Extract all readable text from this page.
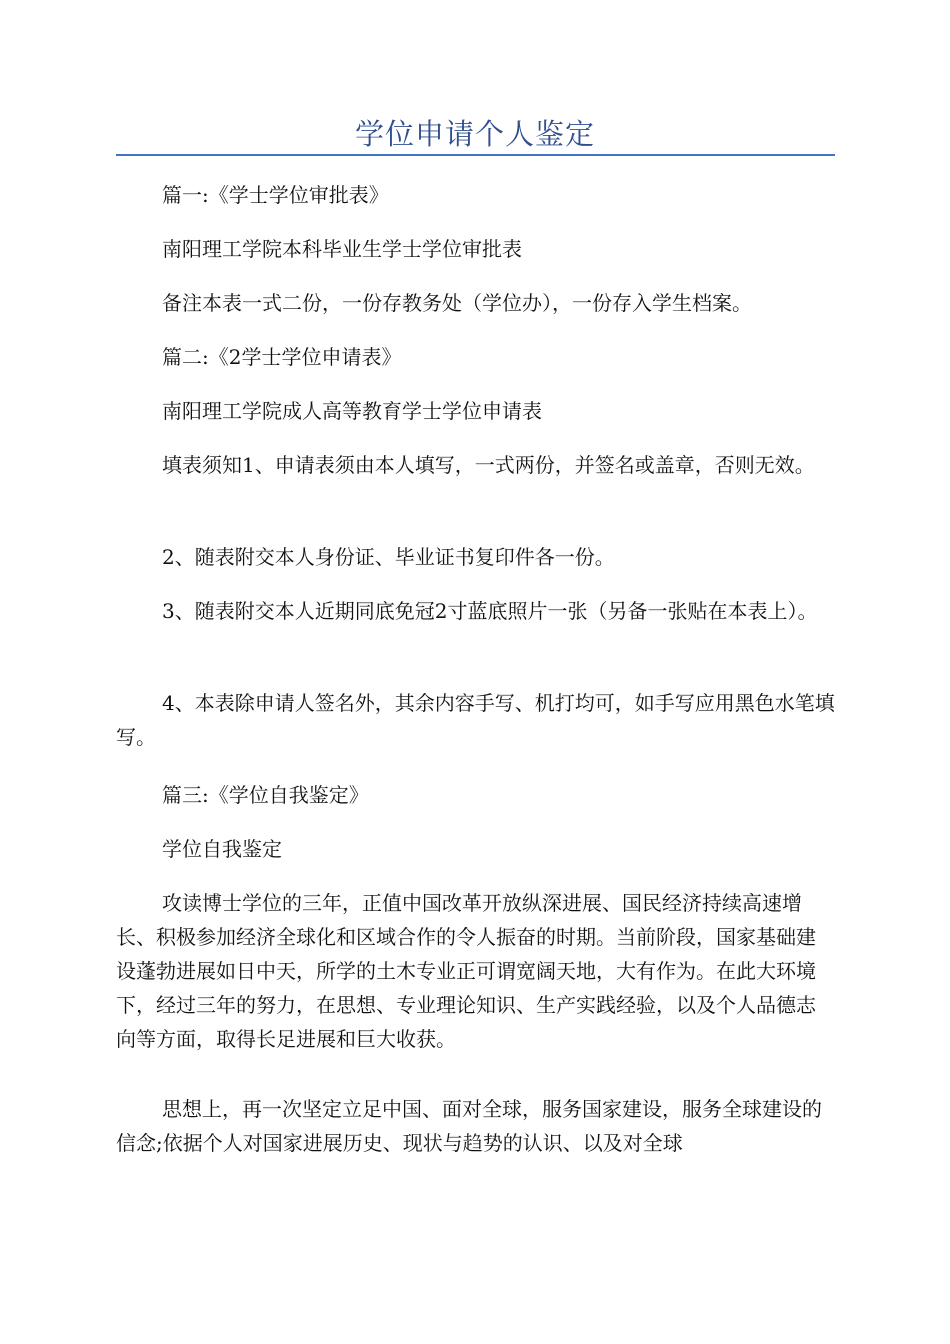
学位申请个人鉴定

篇一:《学士学位审批表》

南阳理工学院本科毕业生学士学位审批表

备注本表一式二份，一份存教务处（学位办），一份存入学生档案。

篇二:《2学士学位申请表》

南阳理工学院成人高等教育学士学位申请表

填表须知1、申请表须由本人填写，一式两份，并签名或盖章，否则无效。

2、随表附交本人身份证、毕业证书复印件各一份。

3、随表附交本人近期同底免冠2寸蓝底照片一张（另备一张贴在本表上）。

4、本表除申请人签名外，其余内容手写、机打均可，如手写应用黑色水笔填写。

篇三:《学位自我鉴定》

学位自我鉴定

攻读博士学位的三年，正值中国改革开放纵深进展、国民经济持续高速增长、积极参加经济全球化和区域合作的令人振奋的时期。当前阶段，国家基础建设蓬勃进展如日中天，所学的土木专业正可谓宽阔天地，大有作为。在此大环境下，经过三年的努力，在思想、专业理论知识、生产实践经验，以及个人品德志向等方面，取得长足进展和巨大收获。

思想上，再一次坚定立足中国、面对全球，服务国家建设，服务全球建设的信念;依据个人对国家进展历史、现状与趋势的认识、以及对全球
